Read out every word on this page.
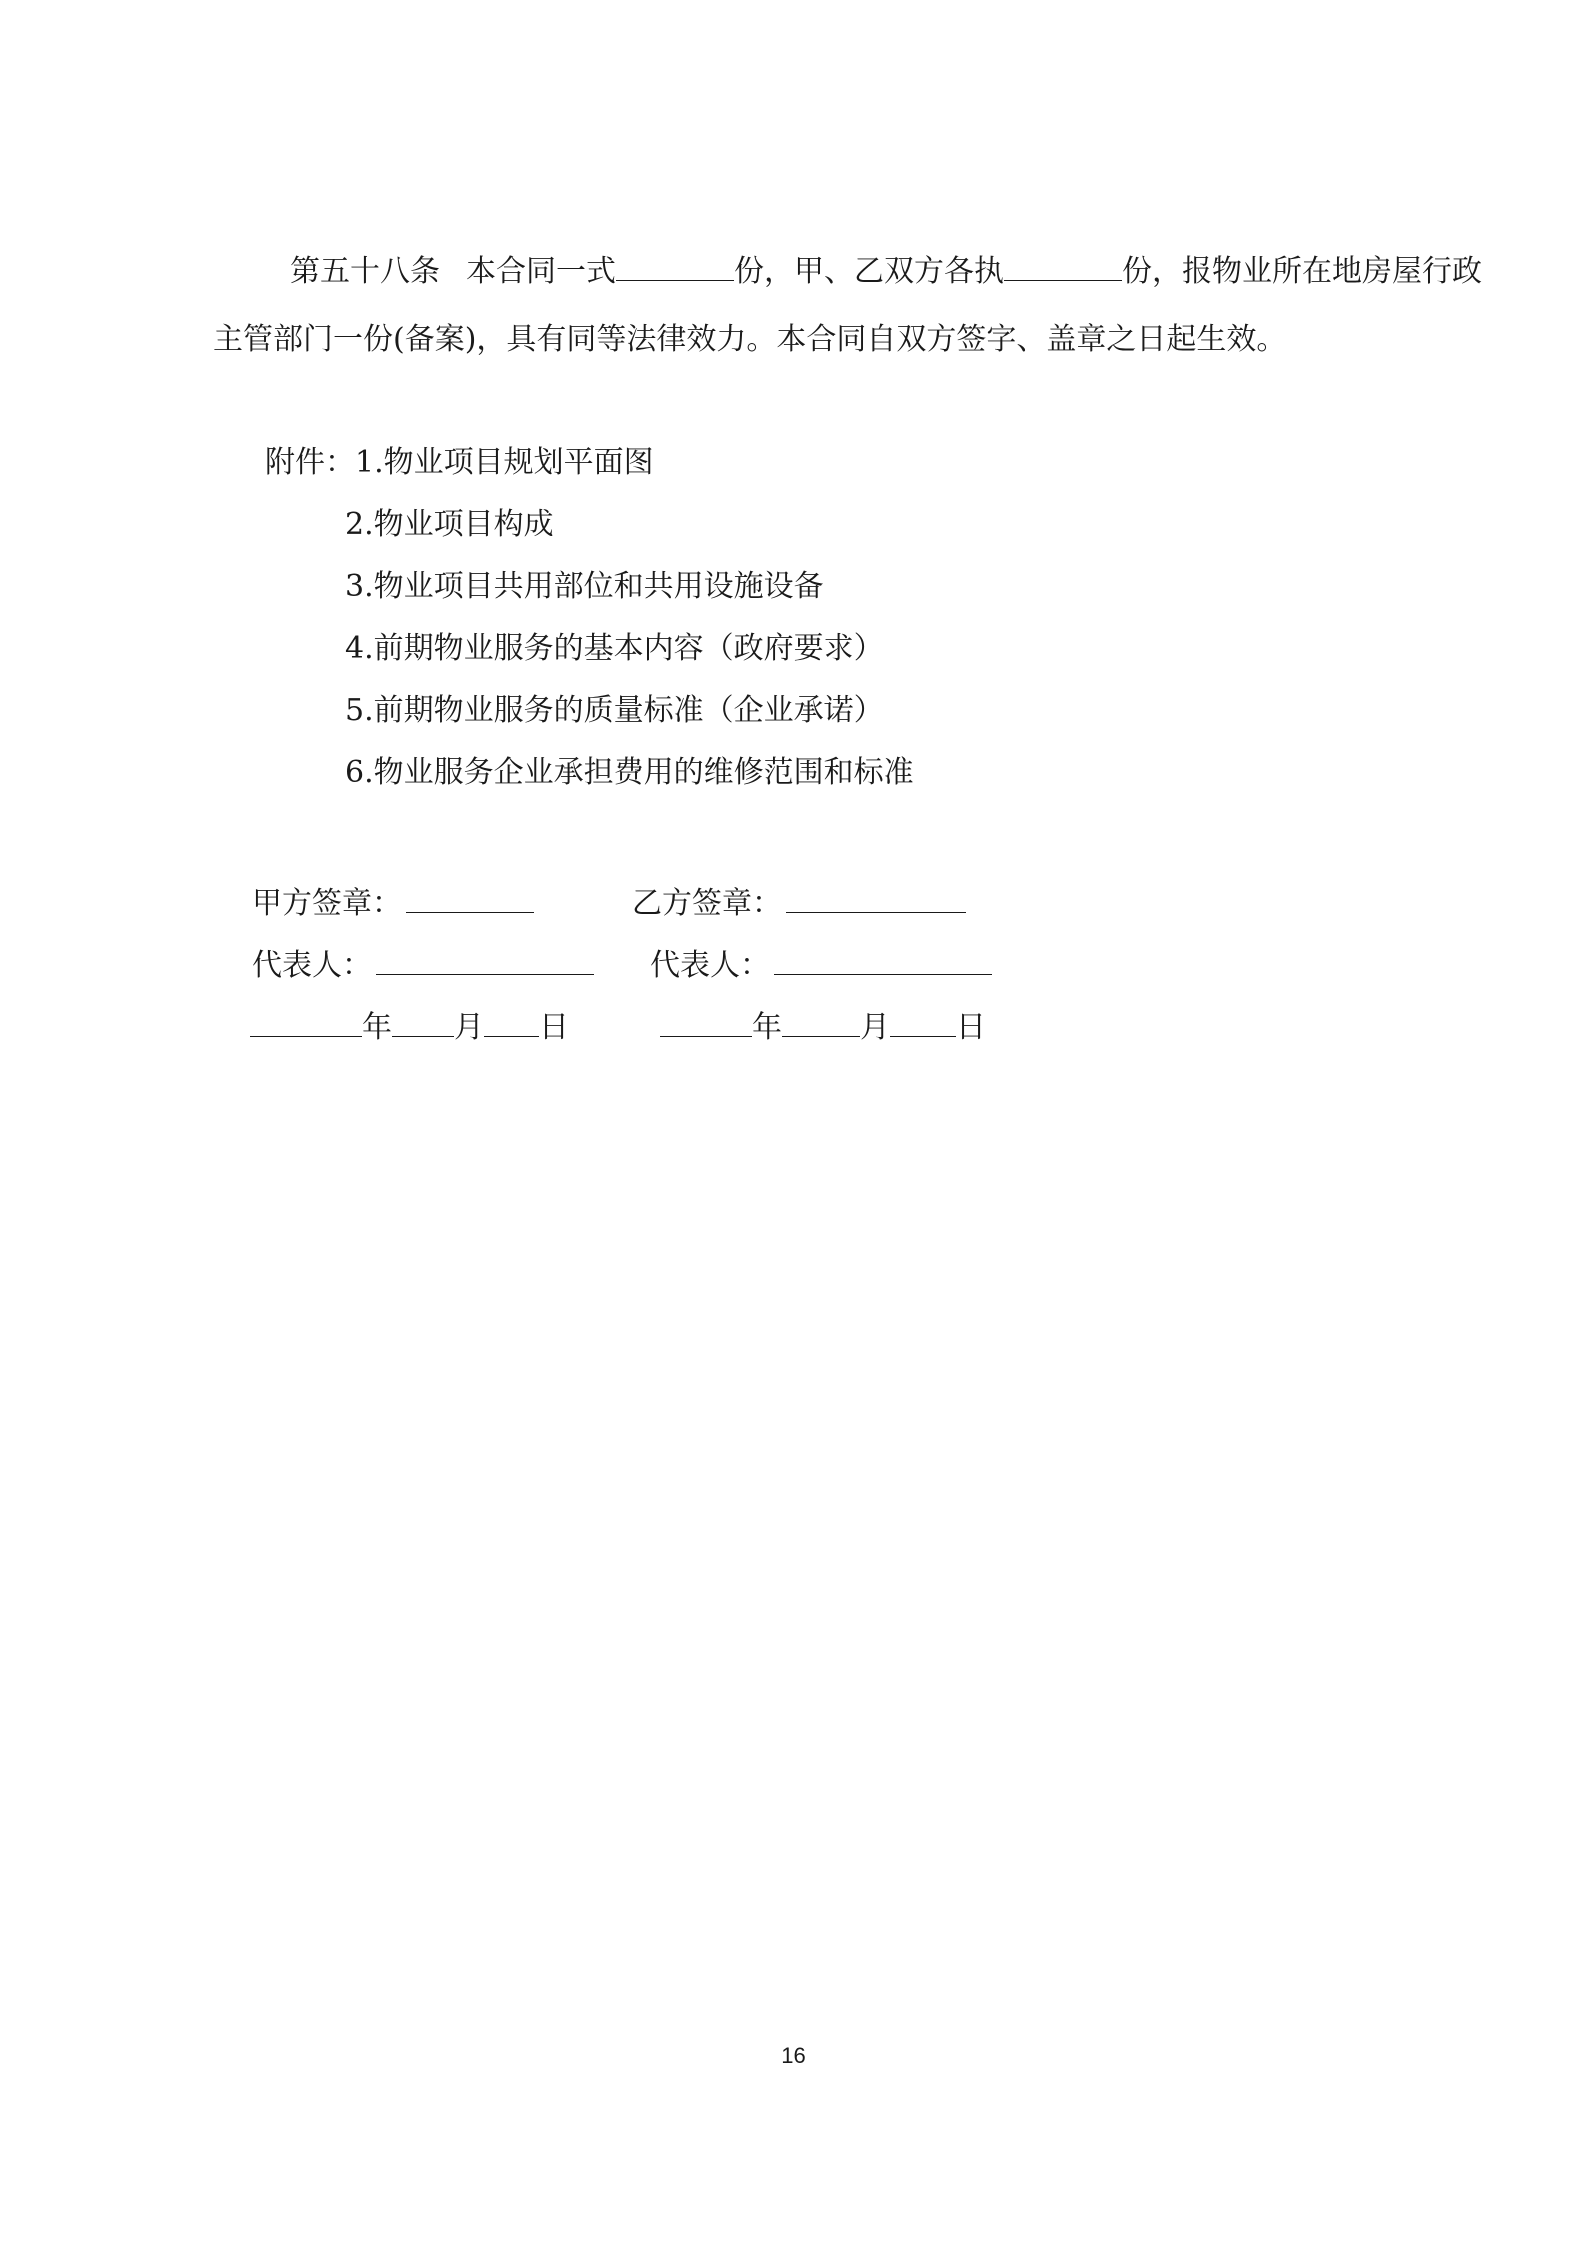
第五十八条 本合同一式	份，甲、乙双方各执	份，报物业所在地房屋行政
主管部门一份(备案)，具有同等法律效力。本合同自双方签字、盖章之日起生效。
附件：1.物业项目规划平面图
2.物业项目构成
3.物业项目共用部位和共用设施设备
4.前期物业服务的基本内容（政府要求）
5.前期物业服务的质量标准（企业承诺）
6.物业服务企业承担费用的维修范围和标准
甲方签章：	乙方签章：
代表人：	代表人：
年 月 日	年	月 日
16
